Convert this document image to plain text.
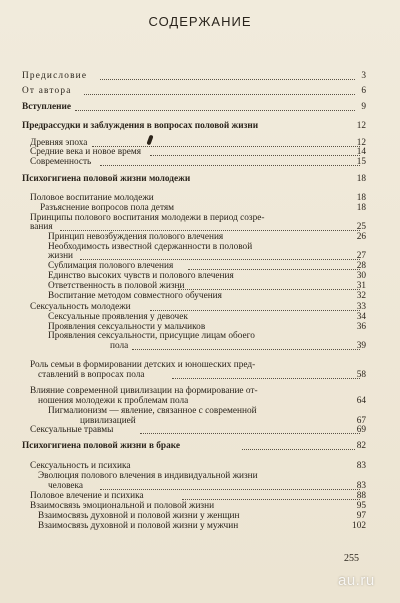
СОДЕРЖАНИЕ
Предисловие	3
От автора	6
Вступление	9
Предрассудки и заблуждения в вопросах половой жизни	12
Древняя эпоха	12
Средние века и новое время	14
Современность	15
Психогигиена половой жизни молодежи	18
Половое воспитание молодежи	18
Разъяснение вопросов пола детям	18
Принципы полового воспитания молодежи в период созре-
вания	25
Принцип невозбуждения полового влечения	26
Необходимость известной сдержанности в половой
жизни	27
Сублимация полового влечения	28
Единство высоких чувств и полового влечения	30
Ответственность в половой жизни	31
Воспитание методом совместного обучения	32
Сексуальность молодежи	33
Сексуальные проявления у девочек	34
Проявления сексуальности у мальчиков	36
Проявления сексуальности, присущие лицам обоего
пола	39
Роль семьи в формировании детских и юношеских пред-
ставлений в вопросах пола	58
Влияние современной цивилизации на формирование от-
ношения молодежи к проблемам пола	64
Пигмалионизм — явление, связанное с современной
цивилизацией	67
Сексуальные травмы	69
Психогигиена половой жизни в браке	82
Сексуальность и психика	83
Эволюция полового влечения в индивидуальной жизни
человека	83
Половое влечение и психика	88
Взаимосвязь эмоциональной и половой жизни	95
Взаимосвязь духовной и половой жизни у женщин	97
Взаимосвязь духовной и половой жизни у мужчин	102
255
au.ru
